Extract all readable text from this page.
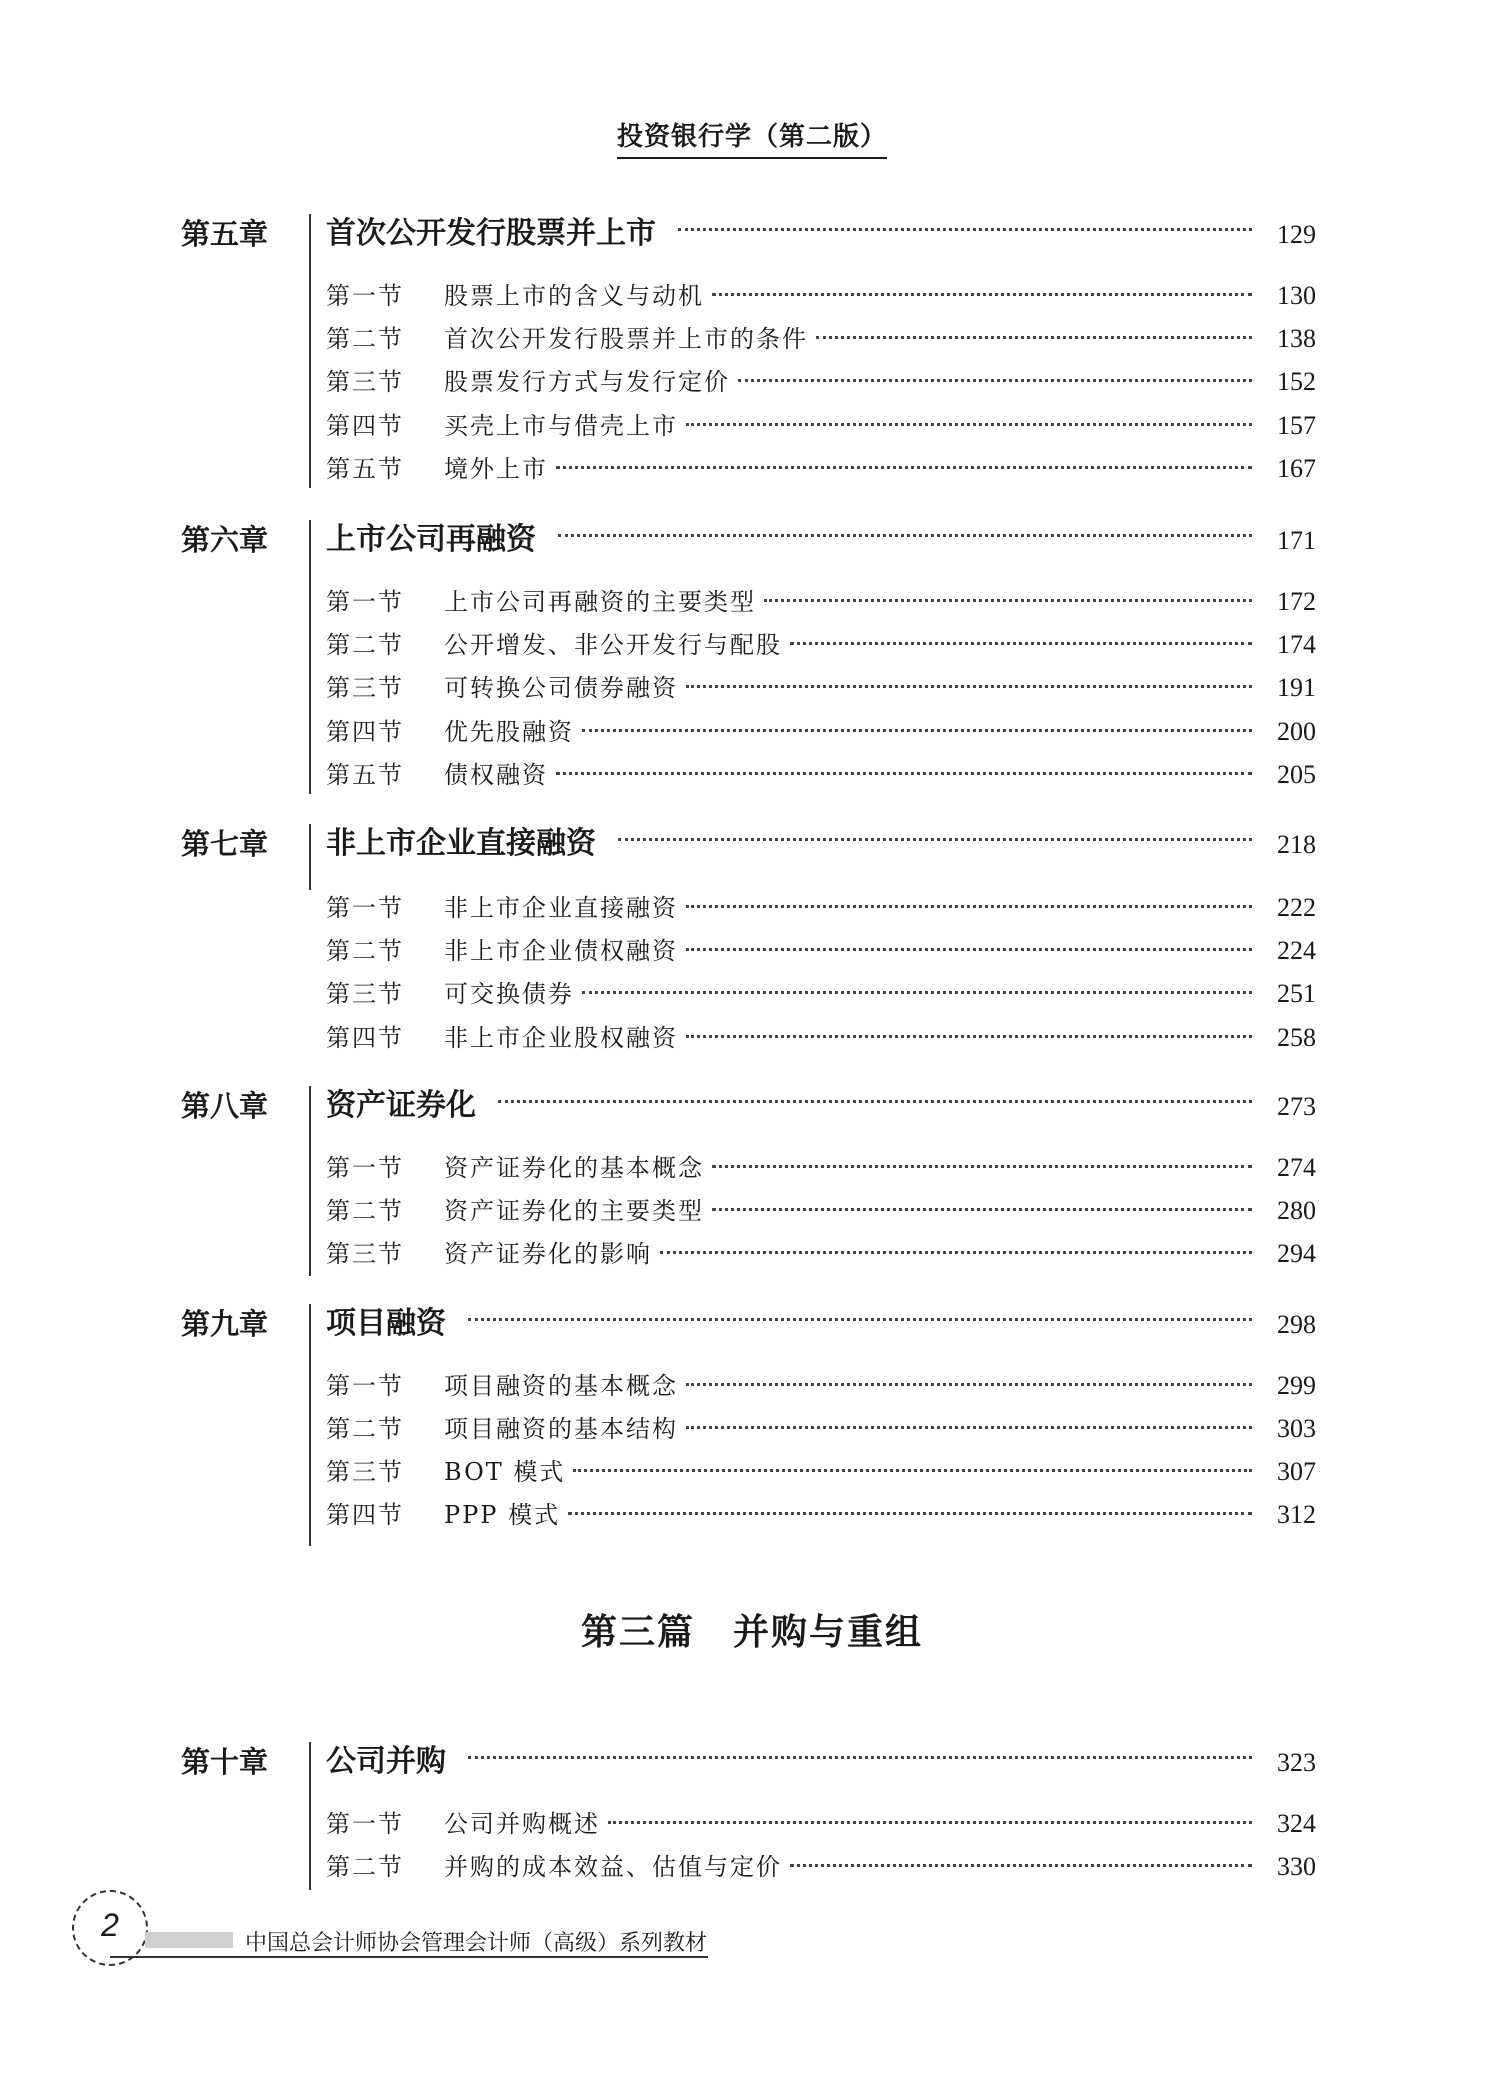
投资银行学（第二版）
第五章 首次公开发行股票并上市	129
第一节	股票上市的含义与动机	130
第二节	首次公开发行股票并上市的条件	138
第三节	股票发行方式与发行定价	152
第四节	买壳上市与借壳上市	157
第五节	境外上市	167
第六章 上市公司再融资	171
第一节	上市公司再融资的主要类型	172
第二节	公开增发、非公开发行与配股	174
第三节	可转换公司债券融资	191
第四节	优先股融资	200
第五节	债权融资	205
第七章 非上市企业直接融资	218
第一节	非上市企业直接融资	222
第二节	非上市企业债权融资	224
第三节	可交换债券	251
第四节	非上市企业股权融资	258
第八章 资产证券化	273
第一节	资产证券化的基本概念	274
第二节	资产证券化的主要类型	280
第三节	资产证券化的影响	294
第九章 项目融资	298
第一节	项目融资的基本概念	299
第二节	项目融资的基本结构	303
第三节	BOT 模式	307
第四节	PPP 模式	312
第三篇　并购与重组
第十章 公司并购	323
第一节	公司并购概述	324
第二节	并购的成本效益、估值与定价	330
2
中国总会计师协会管理会计师（高级）系列教材
